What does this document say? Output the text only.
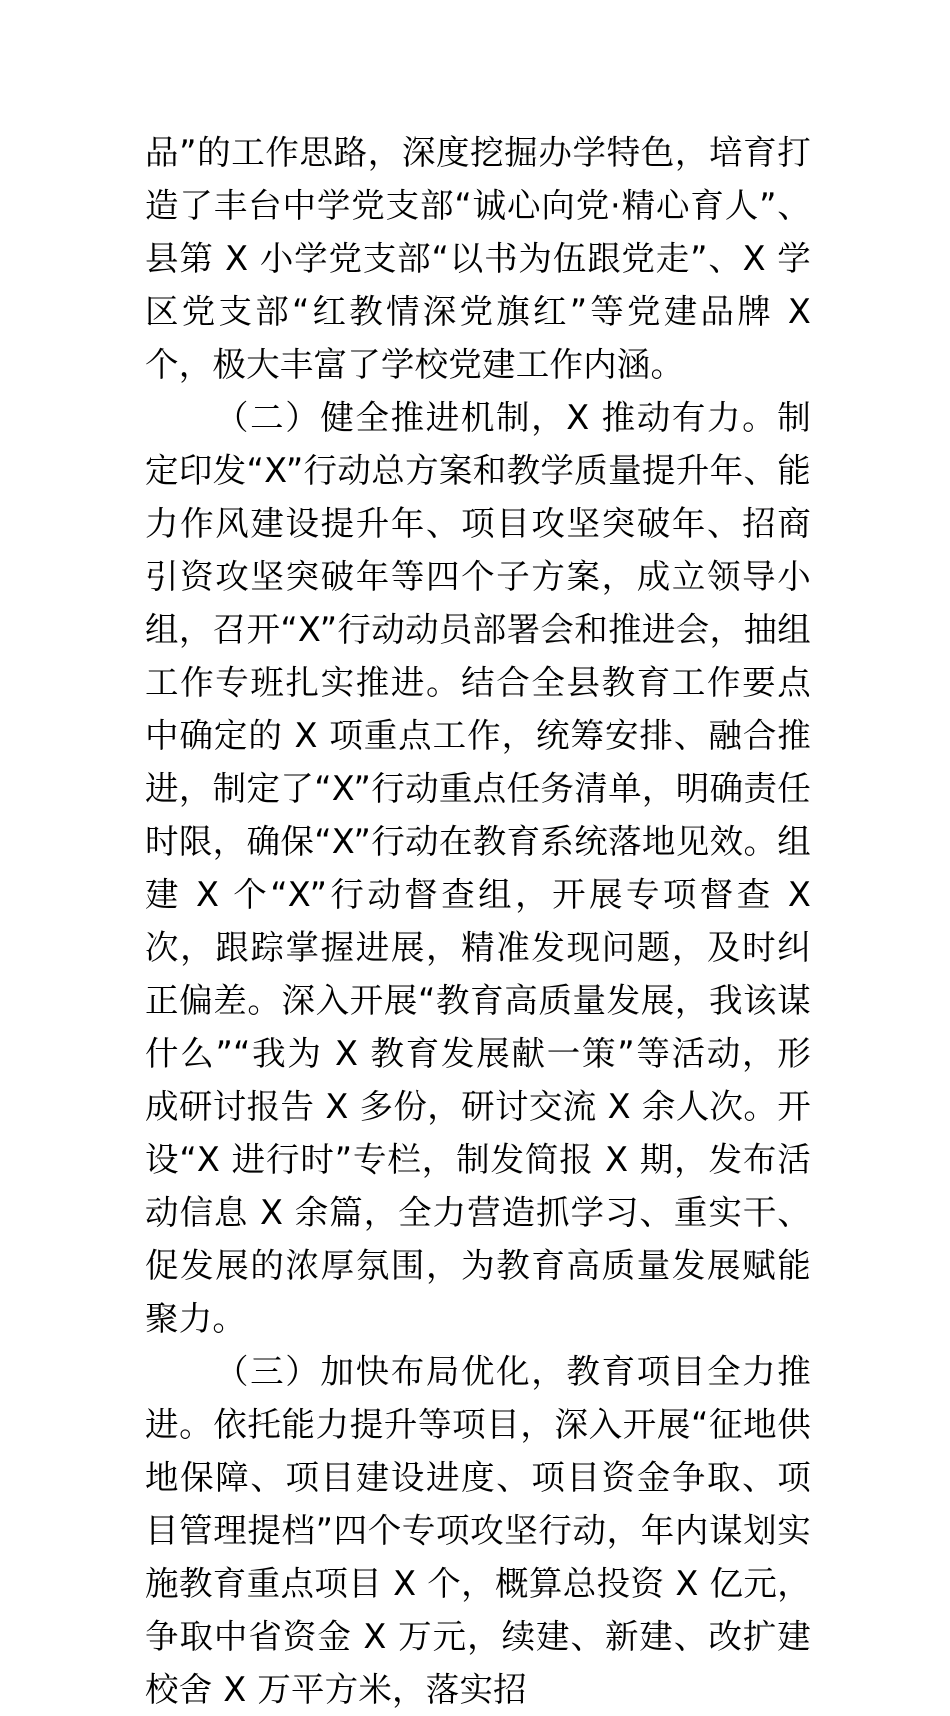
品”的工作思路，深度挖掘办学特色，培育打造了丰台中学党支部“诚心向党·精心育人”、县第 X 小学党支部“以书为伍跟党走”、X 学区党支部“红教情深党旗红”等党建品牌 X 个，极大丰富了学校党建工作内涵。

（二）健全推进机制，X 推动有力。制定印发“X”行动总方案和教学质量提升年、能力作风建设提升年、项目攻坚突破年、招商引资攻坚突破年等四个子方案，成立领导小组，召开“X”行动动员部署会和推进会，抽组工作专班扎实推进。结合全县教育工作要点中确定的 X 项重点工作，统筹安排、融合推进，制定了“X”行动重点任务清单，明确责任时限，确保“X”行动在教育系统落地见效。组建 X 个“X”行动督查组，开展专项督查 X 次，跟踪掌握进展，精准发现问题，及时纠正偏差。深入开展“教育高质量发展，我该谋什么”“我为 X 教育发展献一策”等活动，形成研讨报告 X 多份，研讨交流 X 余人次。开设“X 进行时”专栏，制发简报 X 期，发布活动信息 X 余篇，全力营造抓学习、重实干、促发展的浓厚氛围，为教育高质量发展赋能聚力。

（三）加快布局优化，教育项目全力推进。依托能力提升等项目，深入开展“征地供地保障、项目建设进度、项目资金争取、项目管理提档”四个专项攻坚行动，年内谋划实施教育重点项目 X 个，概算总投资 X 亿元，争取中省资金 X 万元，续建、新建、改扩建校舍 X 万平方米，落实招
